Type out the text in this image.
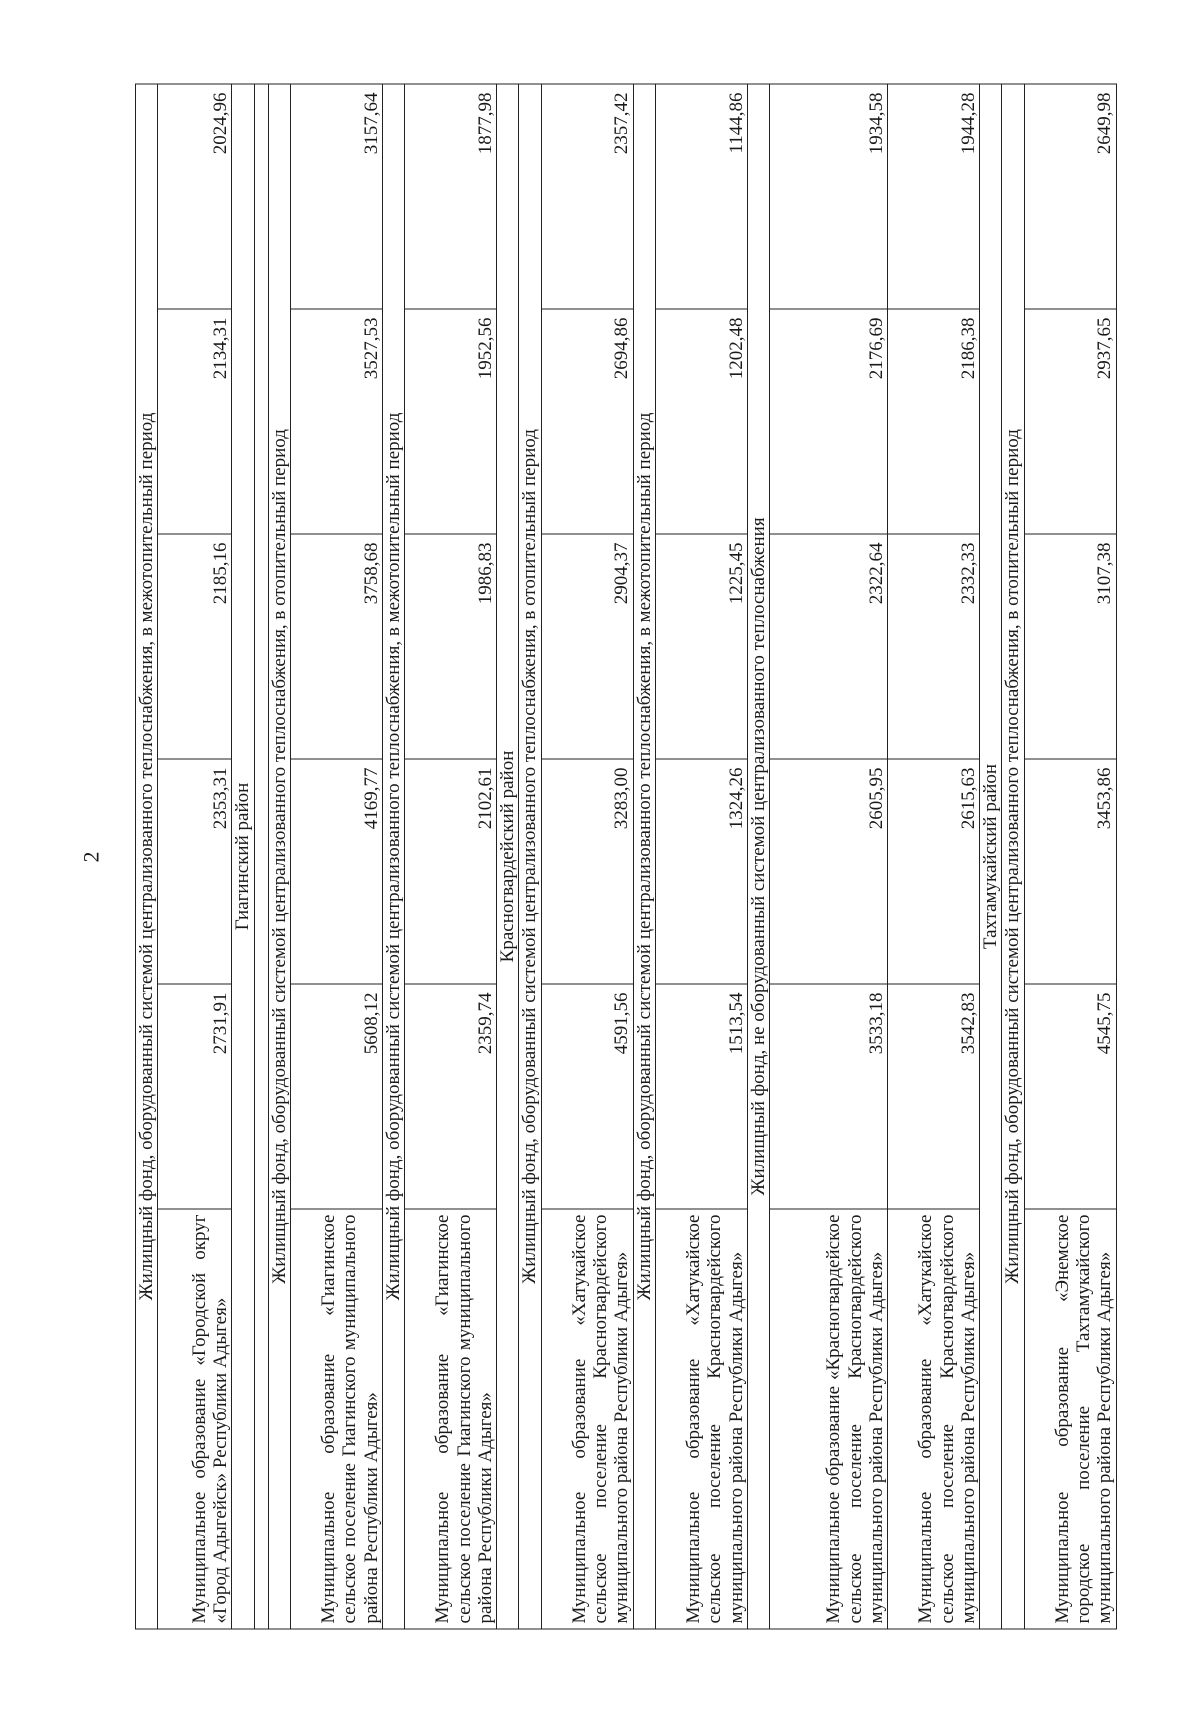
2 Жилищный фонд, оборудованный системой централизованного теплоснабжения, в межотопительный период					
Муниципальное образование «Городской округ «Город Адыгейск» Республики Адыгея»	2731,91	2353,31	2185,16	2134,31	2024,96
Гиагинский район					

Жилищный фонд, оборудованный системой централизованного теплоснабжения, в отопительный период					
Муниципальное образование «Гиагинское сельское поселение Гиагинского муниципального района Республики Адыгея»	5608,12	4169,77	3758,68	3527,53	3157,64
Жилищный фонд, оборудованный системой централизованного теплоснабжения, в межотопительный период					
Муниципальное образование «Гиагинское сельское поселение Гиагинского муниципального района Республики Адыгея»	2359,74	2102,61	1986,83	1952,56	1877,98
Красногвардейский район					
Жилищный фонд, оборудованный системой централизованного теплоснабжения, в отопительный период					
Муниципальное образование «Хатукайское сельское поселение Красногвардейского муниципального района Республики Адыгея»	4591,56	3283,00	2904,37	2694,86	2357,42
Жилищный фонд, оборудованный системой централизованного теплоснабжения, в межотопительный период					
Муниципальное образование «Хатукайское сельское поселение Красногвардейского муниципального района Республики Адыгея»	1513,54	1324,26	1225,45	1202,48	1144,86
Жилищный фонд, не оборудованный системой централизованного теплоснабжения					
Муниципальное образование «Красногвардейское сельское поселение Красногвардейского муниципального района Республики Адыгея»	3533,18	2605,95	2322,64	2176,69	1934,58
Муниципальное образование «Хатукайское сельское поселение Красногвардейского муниципального района Республики Адыгея»	3542,83	2615,63	2332,33	2186,38	1944,28
Тахтамукайский район					
Жилищный фонд, оборудованный системой централизованного теплоснабжения, в отопительный период					
Муниципальное образование «Энемское городское поселение Тахтамукайского муниципального района Республики Адыгея»	4545,75	3453,86	3107,38	2937,65	2649,98
